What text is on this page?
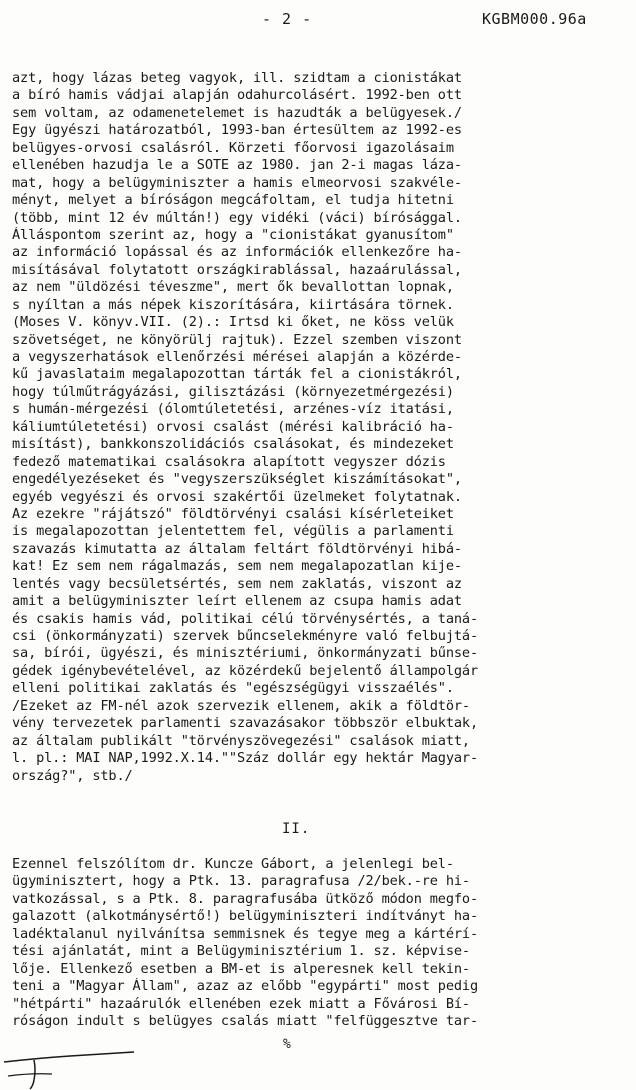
- 2 -	KGBM000.96a
azt, hogy lázas beteg vagyok, ill. szidtam a cionistákat
a bíró hamis vádjai alapján odahurcolásért. 1992-ben ott
sem voltam, az odamenetelemet is hazudták a belügyesek./
Egy ügyészi határozatból, 1993-ban értesültem az 1992-es
belügyes-orvosi csalásról. Körzeti főorvosi igazolásaim
ellenében hazudja le a SOTE az 1980. jan 2-i magas láza-
mat, hogy a belügyminiszter a hamis elmeorvosi szakvéle-
ményt, melyet a bíróságon megcáfoltam, el tudja hitetni
(több, mint 12 év múltán!) egy vidéki (váci) bírósággal.
Álláspontom szerint az, hogy a "cionistákat gyanusítom"
az információ lopással és az információk ellenkezőre ha-
misításával folytatott országkirablással, hazaárulással,
az nem "üldözési téveszme", mert ők bevallottan lopnak,
s nyíltan a más népek kiszorítására, kiirtására törnek.
(Moses V. könyv.VII. (2).: Irtsd ki őket, ne köss velük
szövetséget, ne könyörülj rajtuk). Ezzel szemben viszont
a vegyszerhatások ellenőrzési mérései alapján a közérde-
kű javaslataim megalapozottan tárták fel a cionistákról,
hogy túlműtrágyázási, gilisztázási (környezetmérgezési)
s humán-mérgezési (ólomtúletetési, arzénes-víz itatási,
káliumtúletetési) orvosi csalást (mérési kalibráció ha-
misítást), bankkonszolidációs csalásokat, és mindezeket
fedező matematikai csalásokra alapított vegyszer dózis
engedélyezéseket és "vegyszerszükséglet kiszámításokat",
egyéb vegyészi és orvosi szakértői üzelmeket folytatnak.
Az ezekre "rájátszó" földtörvényi csalási kísérleteiket
is megalapozottan jelentettem fel, végülis a parlamenti
szavazás kimutatta az általam feltárt földtörvényi hibá-
kat! Ez sem nem rágalmazás, sem nem megalapozatlan kije-
lentés vagy becsületsértés, sem nem zaklatás, viszont az
amit a belügyminiszter leírt ellenem az csupa hamis adat
és csakis hamis vád, politikai célú törvénysértés, a taná-
csi (önkormányzati) szervek bűncselekményre való felbujtá-
sa, bírói, ügyészi, és minisztériumi, önkormányzati bűnse-
gédek igénybevételével, az közérdekű bejelentő állampolgár
elleni politikai zaklatás és "egészségügyi visszaélés".
/Ezeket az FM-nél azok szervezik ellenem, akik a földtör-
vény tervezetek parlamenti szavazásakor többször elbuktak,
az általam publikált "törvényszövegezési" csalások miatt,
l. pl.: MAI NAP,1992.X.14.""Száz dollár egy hektár Magyar-
ország?", stb./
II.
Ezennel felszólítom dr. Kuncze Gábort, a jelenlegi bel-
ügyminisztert, hogy a Ptk. 13. paragrafusa /2/bek.-re hi-
vatkozással, s a Ptk. 8. paragrafusába ütköző módon megfo-
galazott (alkotmánysértő!) belügyminiszteri indítványt ha-
ladéktalanul nyilvánítsa semmisnek és tegye meg a kártérí-
tési ajánlatát, mint a Belügyminisztérium 1. sz. képvise-
lője. Ellenkező esetben a BM-et is alperesnek kell tekin-
teni a "Magyar Állam", azaz az előbb "egypárti" most pedig
"hétpárti" hazaárulók ellenében ezek miatt a Fővárosi Bí-
róságon indult s belügyes csalás miatt "felfüggesztve tar-
%
